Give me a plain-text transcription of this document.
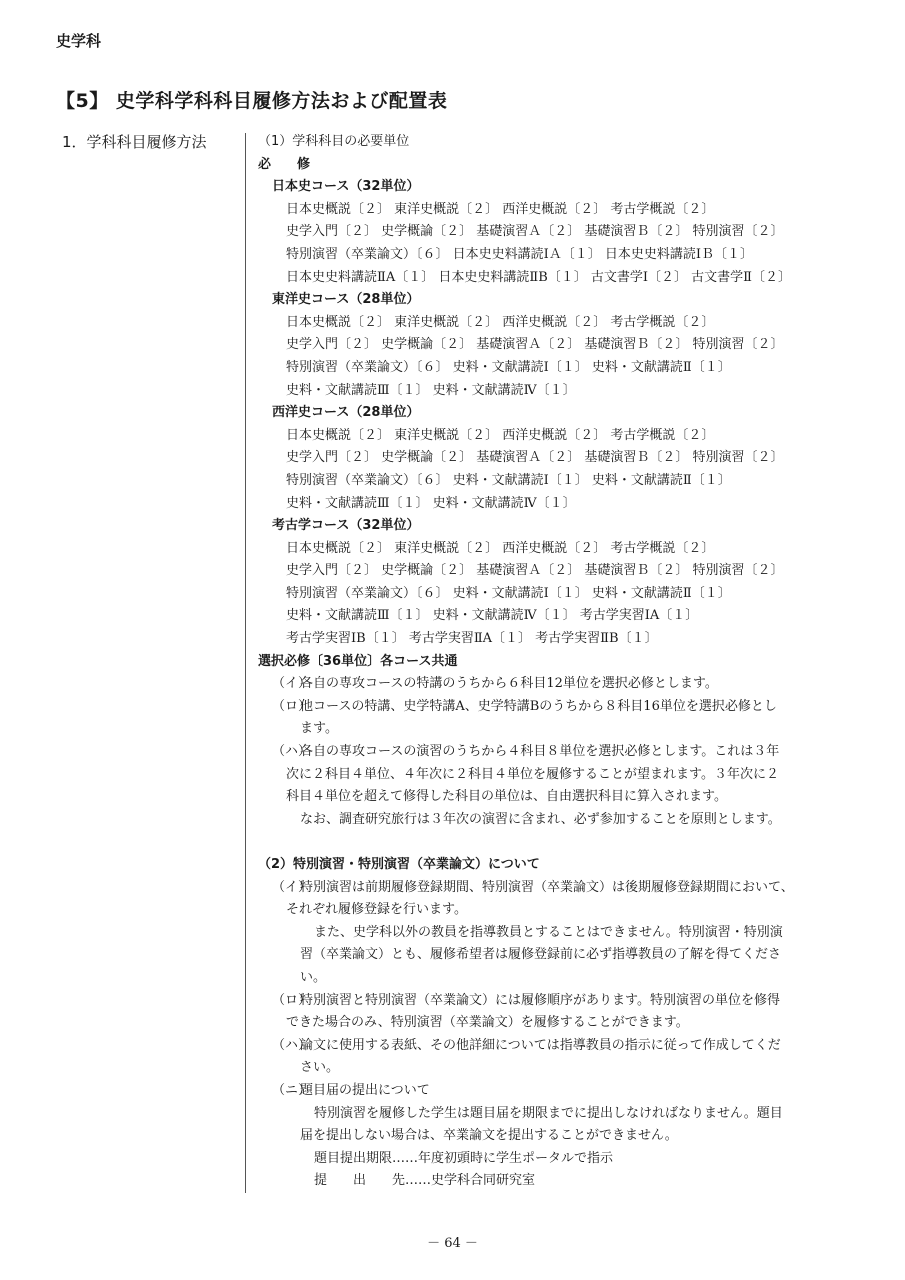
史学科
【5】 史学科学科科目履修方法および配置表
1．学科科目履修方法	（1）学科科目の必要単位
必　　修
日本史コース（32単位）
日本史概説〔２〕 東洋史概説〔２〕 西洋史概説〔２〕 考古学概説〔２〕
史学入門〔２〕 史学概論〔２〕 基礎演習Ａ〔２〕 基礎演習Ｂ〔２〕 特別演習〔２〕
特別演習（卒業論文）〔６〕 日本史史料講読ⅠＡ〔１〕 日本史史料講読ⅠＢ〔１〕
日本史史料講読ⅡA〔１〕 日本史史料講読ⅡB〔１〕 古文書学Ⅰ〔２〕 古文書学Ⅱ〔２〕
東洋史コース（28単位）
日本史概説〔２〕 東洋史概説〔２〕 西洋史概説〔２〕 考古学概説〔２〕
史学入門〔２〕 史学概論〔２〕 基礎演習Ａ〔２〕 基礎演習Ｂ〔２〕 特別演習〔２〕
特別演習（卒業論文）〔６〕 史料・文献講読Ⅰ〔１〕 史料・文献講読Ⅱ〔１〕
史料・文献講読Ⅲ〔１〕 史料・文献講読Ⅳ〔１〕
西洋史コース（28単位）
日本史概説〔２〕 東洋史概説〔２〕 西洋史概説〔２〕 考古学概説〔２〕
史学入門〔２〕 史学概論〔２〕 基礎演習Ａ〔２〕 基礎演習Ｂ〔２〕 特別演習〔２〕
特別演習（卒業論文）〔６〕 史料・文献講読Ⅰ〔１〕 史料・文献講読Ⅱ〔１〕
史料・文献講読Ⅲ〔１〕 史料・文献講読Ⅳ〔１〕
考古学コース（32単位）
日本史概説〔２〕 東洋史概説〔２〕 西洋史概説〔２〕 考古学概説〔２〕
史学入門〔２〕 史学概論〔２〕 基礎演習Ａ〔２〕 基礎演習Ｂ〔２〕 特別演習〔２〕
特別演習（卒業論文）〔６〕 史料・文献講読Ⅰ〔１〕 史料・文献講読Ⅱ〔１〕
史料・文献講読Ⅲ〔１〕 史料・文献講読Ⅳ〔１〕 考古学実習ⅠA〔１〕
考古学実習ⅠB〔１〕 考古学実習ⅡA〔１〕 考古学実習ⅡB〔１〕
選択必修〔36単位〕各コース共通
（イ）
各自の専攻コースの特講のうちから６科目12単位を選択必修とします。
（ロ）
他コースの特講、史学特講A、史学特講Bのうちから８科目16単位を選択必修とし
ます。
（ハ）
各自の専攻コースの演習のうちから４科目８単位を選択必修とします。これは３年
次に２科目４単位、４年次に２科目４単位を履修することが望まれます。３年次に２
科目４単位を超えて修得した科目の単位は、自由選択科目に算入されます。
なお、調査研究旅行は３年次の演習に含まれ、必ず参加することを原則とします。
（2）特別演習・特別演習（卒業論文）について
（イ）
特別演習は前期履修登録期間、特別演習（卒業論文）は後期履修登録期間において、
それぞれ履修登録を行います。
また、史学科以外の教員を指導教員とすることはできません。特別演習・特別演
習（卒業論文）とも、履修希望者は履修登録前に必ず指導教員の了解を得てくださ
い。
（ロ）
特別演習と特別演習（卒業論文）には履修順序があります。特別演習の単位を修得
できた場合のみ、特別演習（卒業論文）を履修することができます。
（ハ）
論文に使用する表紙、その他詳細については指導教員の指示に従って作成してくだ
さい。
（ニ）
題目届の提出について
特別演習を履修した学生は題目届を期限までに提出しなければなりません。題目
届を提出しない場合は、卒業論文を提出することができません。
題目提出期限……年度初頭時に学生ポータルで指示
提　　出　　先……史学科合同研究室
－ 64 －
